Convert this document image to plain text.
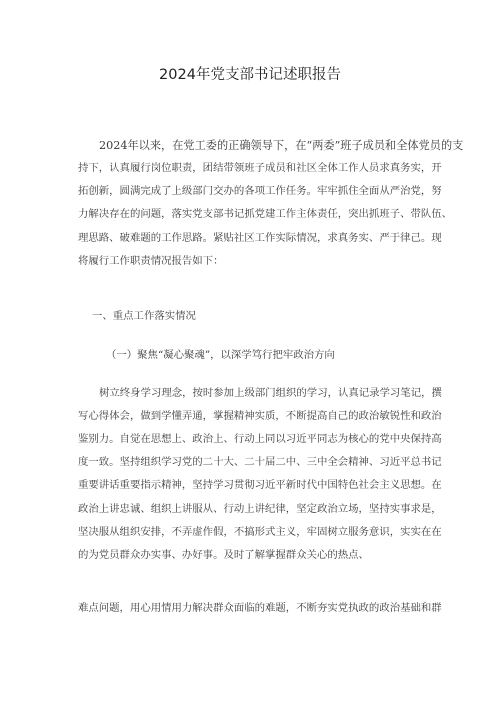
2024年党支部书记述职报告
2024年以来，在党工委的正确领导下，在“两委”班子成员和全体党员的支
持下，认真履行岗位职责，团结带领班子成员和社区全体工作人员求真务实，开
拓创新，圆满完成了上级部门交办的各项工作任务。牢牢抓住全面从严治党，努
力解决存在的问题，落实党支部书记抓党建工作主体责任，突出抓班子、带队伍、
理思路、破难题的工作思路。紧贴社区工作实际情况，求真务实、严于律己。现
将履行工作职责情况报告如下：
一、重点工作落实情况
（一）聚焦“凝心聚魂”，以深学笃行把牢政治方向
树立终身学习理念，按时参加上级部门组织的学习，认真记录学习笔记，撰
写心得体会，做到学懂弄通，掌握精神实质，不断提高自己的政治敏锐性和政治
鉴别力。自觉在思想上、政治上、行动上同以习近平同志为核心的党中央保持高
度一致。坚持组织学习党的二十大、二十届二中、三中全会精神、习近平总书记
重要讲话重要指示精神，坚持学习贯彻习近平新时代中国特色社会主义思想。在
政治上讲忠诚、组织上讲服从、行动上讲纪律，坚定政治立场，坚持实事求是，
坚决服从组织安排，不弄虚作假，不搞形式主义，牢固树立服务意识，实实在在
的为党员群众办实事、办好事。及时了解掌握群众关心的热点、
难点问题，用心用情用力解决群众面临的难题，不断夯实党执政的政治基础和群
